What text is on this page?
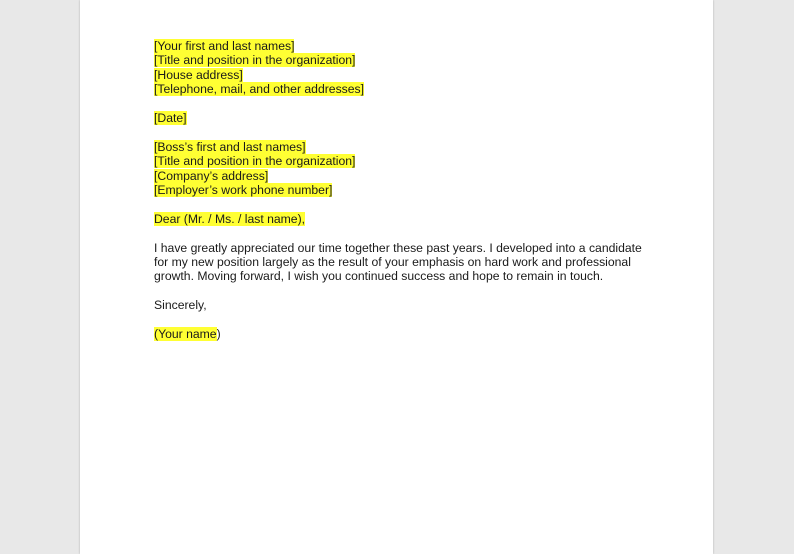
[Your first and last names]
[Title and position in the organization]
[House address]
[Telephone, mail, and other addresses]
[Date]
[Boss’s first and last names]
[Title and position in the organization]
[Company’s address]
[Employer’s work phone number]
Dear (Mr. / Ms. / last name),
I have greatly appreciated our time together these past years. I developed into a candidate for my new position largely as the result of your emphasis on hard work and professional growth. Moving forward, I wish you continued success and hope to remain in touch.
Sincerely,
(Your name)
